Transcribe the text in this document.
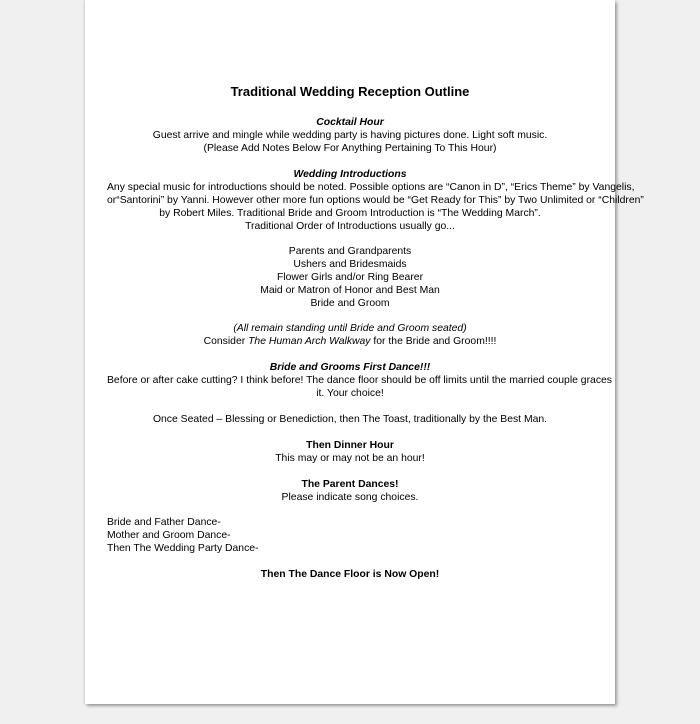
Traditional Wedding Reception Outline
Cocktail Hour
Guest arrive and mingle while wedding party is having pictures done. Light soft music.
(Please Add Notes Below For Anything Pertaining To This Hour)
Wedding Introductions
Any special music for introductions should be noted. Possible options are “Canon in D”, “Erics Theme” by Vangelis,
or“Santorini” by Yanni. However other more fun options would be “Get Ready for This” by Two Unlimited or “Children”
by Robert Miles. Traditional Bride and Groom Introduction is “The Wedding March”.
Traditional Order of Introductions usually go...
Parents and Grandparents
Ushers and Bridesmaids
Flower Girls and/or Ring Bearer
Maid or Matron of Honor and Best Man
Bride and Groom
(All remain standing until Bride and Groom seated)
Consider The Human Arch Walkway for the Bride and Groom!!!!
Bride and Grooms First Dance!!!
Before or after cake cutting? I think before! The dance floor should be off limits until the married couple graces
it. Your choice!
Once Seated – Blessing or Benediction, then The Toast, traditionally by the Best Man.
Then Dinner Hour
This may or may not be an hour!
The Parent Dances!
Please indicate song choices.
Bride and Father Dance-
Mother and Groom Dance-
Then The Wedding Party Dance-
Then The Dance Floor is Now Open!
